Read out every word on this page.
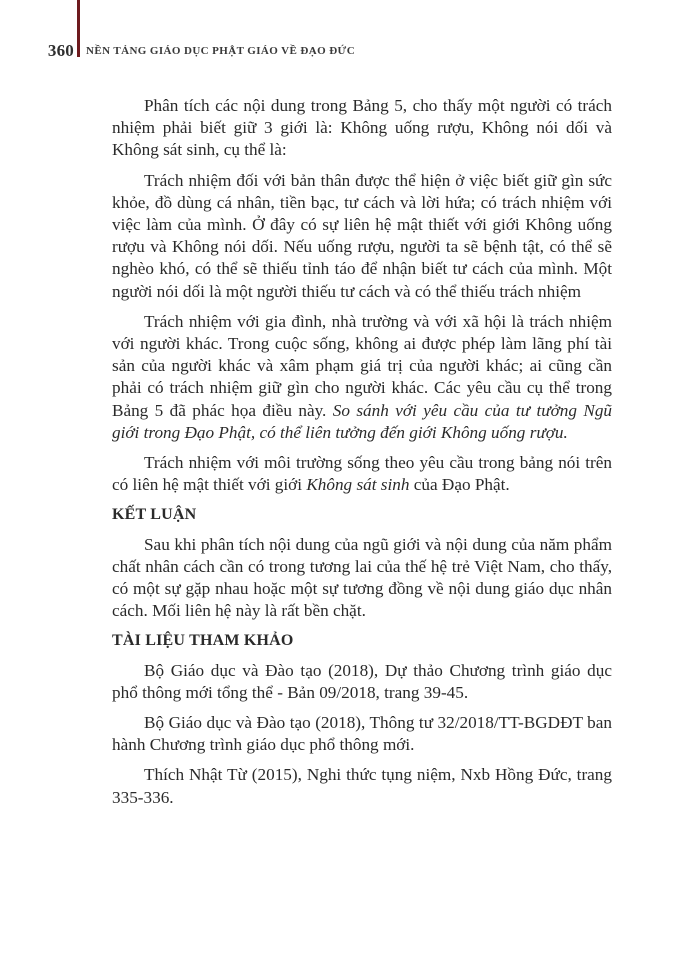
360 NỀN TẢNG GIÁO DỤC PHẬT GIÁO VỀ ĐẠO ĐỨC

Phân tích các nội dung trong Bảng 5, cho thấy một người có trách nhiệm phải biết giữ 3 giới là: Không uống rượu, Không nói dối và Không sát sinh, cụ thể là:

Trách nhiệm đối với bản thân được thể hiện ở việc biết giữ gìn sức khỏe, đồ dùng cá nhân, tiền bạc, tư cách và lời hứa; có trách nhiệm với việc làm của mình. Ở đây có sự liên hệ mật thiết với giới Không uống rượu và Không nói dối. Nếu uống rượu, người ta sẽ bệnh tật, có thể sẽ nghèo khó, có thể sẽ thiếu tỉnh táo để nhận biết tư cách của mình. Một người nói dối là một người thiếu tư cách và có thể thiếu trách nhiệm

Trách nhiệm với gia đình, nhà trường và với xã hội là trách nhiệm với người khác. Trong cuộc sống, không ai được phép làm lãng phí tài sản của người khác và xâm phạm giá trị của người khác; ai cũng cần phải có trách nhiệm giữ gìn cho người khác. Các yêu cầu cụ thể trong Bảng 5 đã phác họa điều này. So sánh với yêu cầu của tư tưởng Ngũ giới trong Đạo Phật, có thể liên tưởng đến giới Không uống rượu.

Trách nhiệm với môi trường sống theo yêu cầu trong bảng nói trên có liên hệ mật thiết với giới Không sát sinh của Đạo Phật.

KẾT LUẬN

Sau khi phân tích nội dung của ngũ giới và nội dung của năm phẩm chất nhân cách cần có trong tương lai của thế hệ trẻ Việt Nam, cho thấy, có một sự gặp nhau hoặc một sự tương đồng về nội dung giáo dục nhân cách. Mối liên hệ này là rất bền chặt.

TÀI LIỆU THAM KHẢO

Bộ Giáo dục và Đào tạo (2018), Dự thảo Chương trình giáo dục phổ thông mới tổng thể - Bản 09/2018, trang 39-45.

Bộ Giáo dục và Đào tạo (2018), Thông tư 32/2018/TT-BGDĐT ban hành Chương trình giáo dục phổ thông mới.

Thích Nhật Từ (2015), Nghi thức tụng niệm, Nxb Hồng Đức, trang 335-336.
